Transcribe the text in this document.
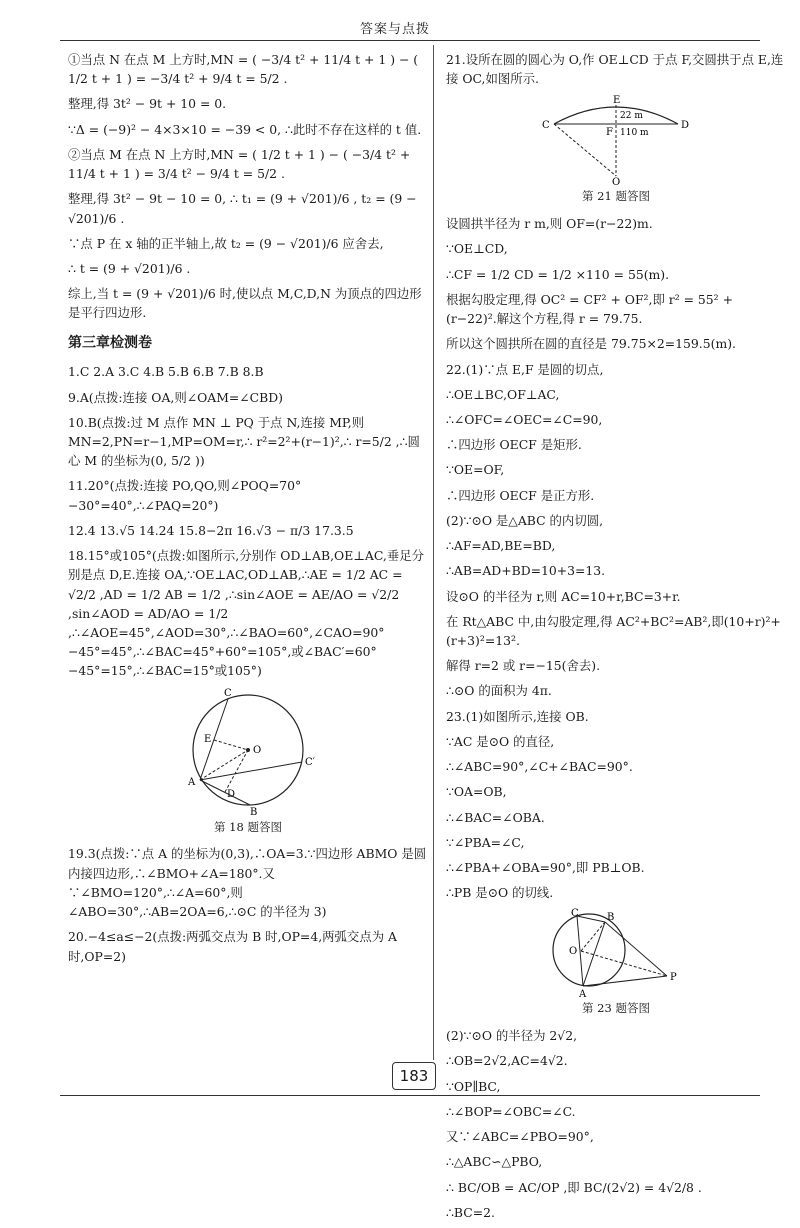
答案与点拨

①当点 N 在点 M 上方时,MN = ( −3/4 t² + 11/4 t + 1 ) − ( 1/2 t + 1 ) = −3/4 t² + 9/4 t = 5/2 .

整理,得 3t² − 9t + 10 = 0.

∵Δ = (−9)² − 4×3×10 = −39 < 0, ∴此时不存在这样的 t 值.

②当点 M 在点 N 上方时,MN = ( 1/2 t + 1 ) − ( −3/4 t² + 11/4 t + 1 ) = 3/4 t² − 9/4 t = 5/2 .

整理,得 3t² − 9t − 10 = 0, ∴ t₁ = (9 + √201)/6 , t₂ = (9 − √201)/6 .

∵点 P 在 x 轴的正半轴上,故 t₂ = (9 − √201)/6 应舍去,

∴ t = (9 + √201)/6 .

综上,当 t = (9 + √201)/6 时,使以点 M,C,D,N 为顶点的四边形是平行四边形.

第三章检测卷

1.C 2.A 3.C 4.B 5.B 6.B 7.B 8.B

9.A(点拨:连接 OA,则∠OAM=∠CBD)

10.B(点拨:过 M 点作 MN ⊥ PQ 于点 N,连接 MP,则 MN=2,PN=r−1,MP=OM=r,∴ r²=2²+(r−1)²,∴ r=5/2 ,∴圆心 M 的坐标为(0, 5/2 ))

11.20°(点拨:连接 PO,QO,则∠POQ=70°−30°=40°,∴∠PAQ=20°)

12.4 13.√5 14.24 15.8−2π 16.√3 − π/3 17.3.5

18.15°或105°(点拨:如图所示,分别作 OD⊥AB,OE⊥AC,垂足分别是点 D,E.连接 OA,∵OE⊥AC,OD⊥AB,∴AE = 1/2 AC = √2/2 ,AD = 1/2 AB = 1/2 ,∴sin∠AOE = AE/AO = √2/2 ,sin∠AOD = AD/AO = 1/2 ,∴∠AOE=45°,∠AOD=30°,∴∠BAO=60°,∠CAO=90°−45°=45°,∴∠BAC=45°+60°=105°,或∠BAC′=60°−45°=15°,∴∠BAC=15°或105°)

C
E
O
C′
A
D
B
第 18 题答图

19.3(点拨:∵点 A 的坐标为(0,3),∴OA=3.∵四边形 ABMO 是圆内接四边形,∴∠BMO+∠A=180°.又∵∠BMO=120°,∴∠A=60°,则∠ABO=30°,∴AB=2OA=6,∴⊙C 的半径为 3)

20.−4≤a≤−2(点拨:两弧交点为 B 时,OP=4,两弧交点为 A 时,OP=2)

21.设所在圆的圆心为 O,作 OE⊥CD 于点 F,交圆拱于点 E,连接 OC,如图所示.

E
C
F
D
O
22 m
110 m
第 21 题答图

设圆拱半径为 r m,则 OF=(r−22)m.

∵OE⊥CD,

∴CF = 1/2 CD = 1/2 ×110 = 55(m).

根据勾股定理,得 OC² = CF² + OF²,即 r² = 55² + (r−22)².解这个方程,得 r = 79.75.

所以这个圆拱所在圆的直径是 79.75×2=159.5(m).

22.(1)∵点 E,F 是圆的切点,

∴OE⊥BC,OF⊥AC,

∴∠OFC=∠OEC=∠C=90,

∴四边形 OECF 是矩形.

∵OE=OF,

∴四边形 OECF 是正方形.

(2)∵⊙O 是△ABC 的内切圆,

∴AF=AD,BE=BD,

∴AB=AD+BD=10+3=13.

设⊙O 的半径为 r,则 AC=10+r,BC=3+r.

在 Rt△ABC 中,由勾股定理,得 AC²+BC²=AB²,即(10+r)²+(r+3)²=13².

解得 r=2 或 r=−15(舍去).

∴⊙O 的面积为 4π.

23.(1)如图所示,连接 OB.

∵AC 是⊙O 的直径,

∴∠ABC=90°,∠C+∠BAC=90°.

∵OA=OB,

∴∠BAC=∠OBA.

∵∠PBA=∠C,

∴∠PBA+∠OBA=90°,即 PB⊥OB.

∴PB 是⊙O 的切线.

C	B
O
A
P
第 23 题答图

(2)∵⊙O 的半径为 2√2,

∴OB=2√2,AC=4√2.

∵OP∥BC,

∴∠BOP=∠OBC=∠C.

又∵∠ABC=∠PBO=90°,

∴△ABC∽△PBO,

∴ BC/OB = AC/OP ,即 BC/(2√2) = 4√2/8 .

∴BC=2.

183
